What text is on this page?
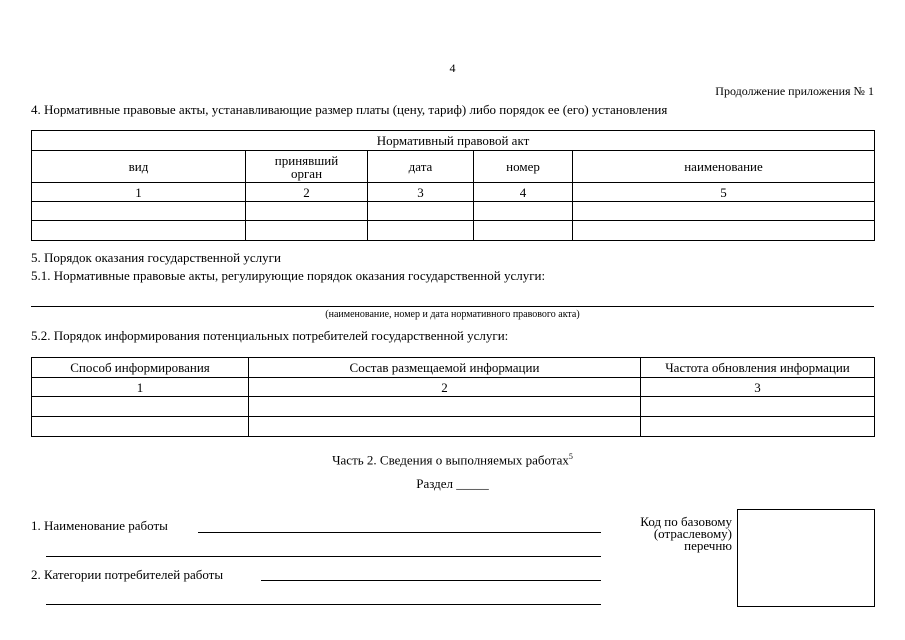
4
Продолжение приложения № 1
4. Нормативные правовые акты, устанавливающие размер платы (цену, тариф) либо порядок ее (его) установления
Нормативный правовой акт				
вид	принявший орган	дата	номер	наименование
1	2	3	4	5

5. Порядок оказания государственной услуги
5.1. Нормативные правовые акты, регулирующие порядок оказания государственной услуги:
(наименование, номер и дата нормативного правового акта)
5.2. Порядок информирования потенциальных потребителей государственной услуги:
Способ информирования	Состав размещаемой информации	Частота обновления информации
1	2	3

Часть 2. Сведения о выполняемых работах$^5$
Раздел _____
1. Наименование работы
2. Категории потребителей работы
Код по базовому
(отраслевому)
перечню
